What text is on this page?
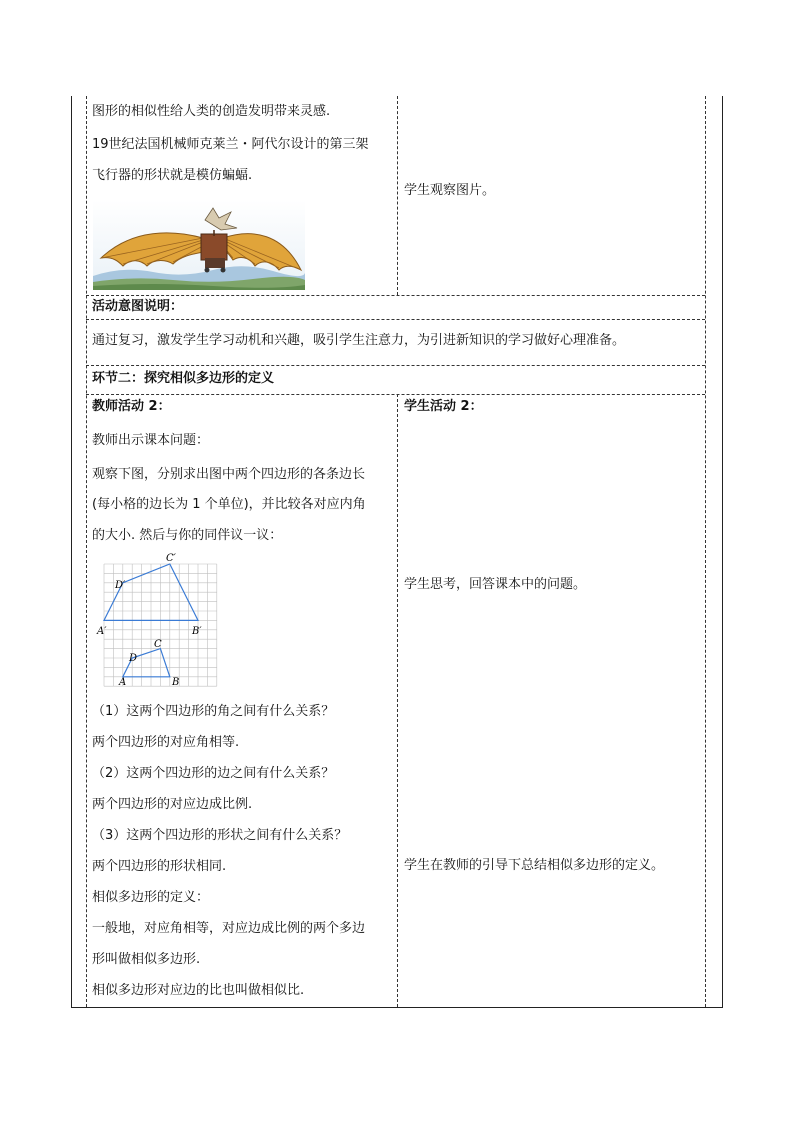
图形的相似性给人类的创造发明带来灵感.
19世纪法国机械师克莱兰・阿代尔设计的第三架
飞行器的形状就是模仿蝙蝠.
学生观察图片。
活动意图说明：
通过复习，激发学生学习动机和兴趣，吸引学生注意力，为引进新知识的学习做好心理准备。
环节二：探究相似多边形的定义
教师活动 2：
教师出示课本问题：
观察下图，分别求出图中两个四边形的各条边长
(每小格的边长为 1 个单位)，并比较各对应内角
的大小. 然后与你的同伴议一议：
C′
D′
A′	B′
C
D
A	B
（1）这两个四边形的角之间有什么关系？
两个四边形的对应角相等.
（2）这两个四边形的边之间有什么关系？
两个四边形的对应边成比例.
（3）这两个四边形的形状之间有什么关系？
两个四边形的形状相同.
相似多边形的定义：
一般地，对应角相等，对应边成比例的两个多边
形叫做相似多边形.
相似多边形对应边的比也叫做相似比.
学生活动 2：
学生思考，回答课本中的问题。
学生在教师的引导下总结相似多边形的定义。
